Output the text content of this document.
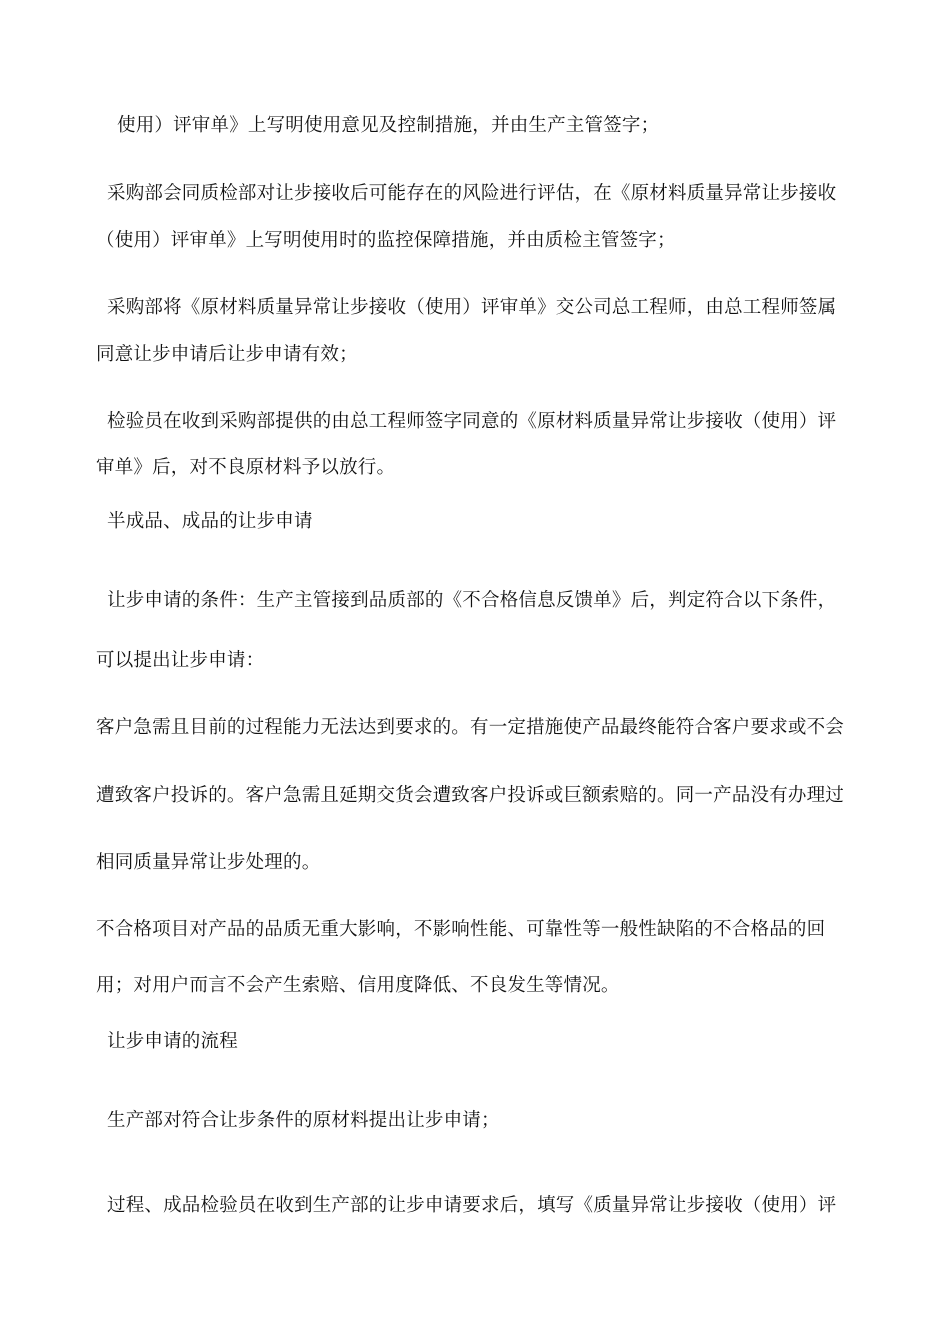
使用）评审单》上写明使用意见及控制措施，并由生产主管签字；
采购部会同质检部对让步接收后可能存在的风险进行评估，在《原材料质量异常让步接收
（使用）评审单》上写明使用时的监控保障措施，并由质检主管签字；
采购部将《原材料质量异常让步接收（使用）评审单》交公司总工程师，由总工程师签属
同意让步申请后让步申请有效；
检验员在收到采购部提供的由总工程师签字同意的《原材料质量异常让步接收（使用）评
审单》后，对不良原材料予以放行。
半成品、成品的让步申请
让步申请的条件：生产主管接到品质部的《不合格信息反馈单》后，判定符合以下条件，
可以提出让步申请：
客户急需且目前的过程能力无法达到要求的。有一定措施使产品最终能符合客户要求或不会
遭致客户投诉的。客户急需且延期交货会遭致客户投诉或巨额索赔的。同一产品没有办理过
相同质量异常让步处理的。
不合格项目对产品的品质无重大影响，不影响性能、可靠性等一般性缺陷的不合格品的回
用；对用户而言不会产生索赔、信用度降低、不良发生等情况。
让步申请的流程
生产部对符合让步条件的原材料提出让步申请；
过程、成品检验员在收到生产部的让步申请要求后，填写《质量异常让步接收（使用）评
